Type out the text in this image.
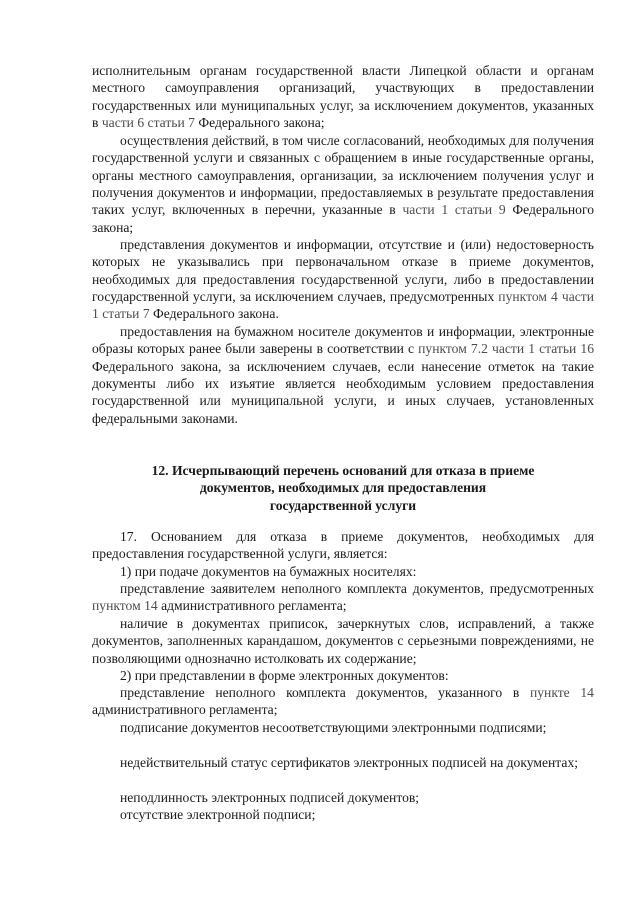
исполнительным органам государственной власти Липецкой области и органам местного самоуправления организаций, участвующих в предоставлении государственных или муниципальных услуг, за исключением документов, указанных в части 6 статьи 7 Федерального закона;

осуществления действий, в том числе согласований, необходимых для получения государственной услуги и связанных с обращением в иные государственные органы, органы местного самоуправления, организации, за исключением получения услуг и получения документов и информации, предоставляемых в результате предоставления таких услуг, включенных в перечни, указанные в части 1 статьи 9 Федерального закона;

представления документов и информации, отсутствие и (или) недостоверность которых не указывались при первоначальном отказе в приеме документов, необходимых для предоставления государственной услуги, либо в предоставлении государственной услуги, за исключением случаев, предусмотренных пунктом 4 части 1 статьи 7 Федерального закона.

предоставления на бумажном носителе документов и информации, электронные образы которых ранее были заверены в соответствии с пунктом 7.2 части 1 статьи 16 Федерального закона, за исключением случаев, если нанесение отметок на такие документы либо их изъятие является необходимым условием предоставления государственной или муниципальной услуги, и иных случаев, установленных федеральными законами.

12. Исчерпывающий перечень оснований для отказа в приеме
документов, необходимых для предоставления
государственной услуги

17. Основанием для отказа в приеме документов, необходимых для предоставления государственной услуги, является:

1) при подаче документов на бумажных носителях:

представление заявителем неполного комплекта документов, предусмотренных пунктом 14 административного регламента;

наличие в документах приписок, зачеркнутых слов, исправлений, а также документов, заполненных карандашом, документов с серьезными повреждениями, не позволяющими однозначно истолковать их содержание;

2) при представлении в форме электронных документов:

представление неполного комплекта документов, указанного в пункте 14 административного регламента;

подписание документов несоответствующими электронными подписями;

недействительный статус сертификатов электронных подписей на документах;

неподлинность электронных подписей документов;

отсутствие электронной подписи;
